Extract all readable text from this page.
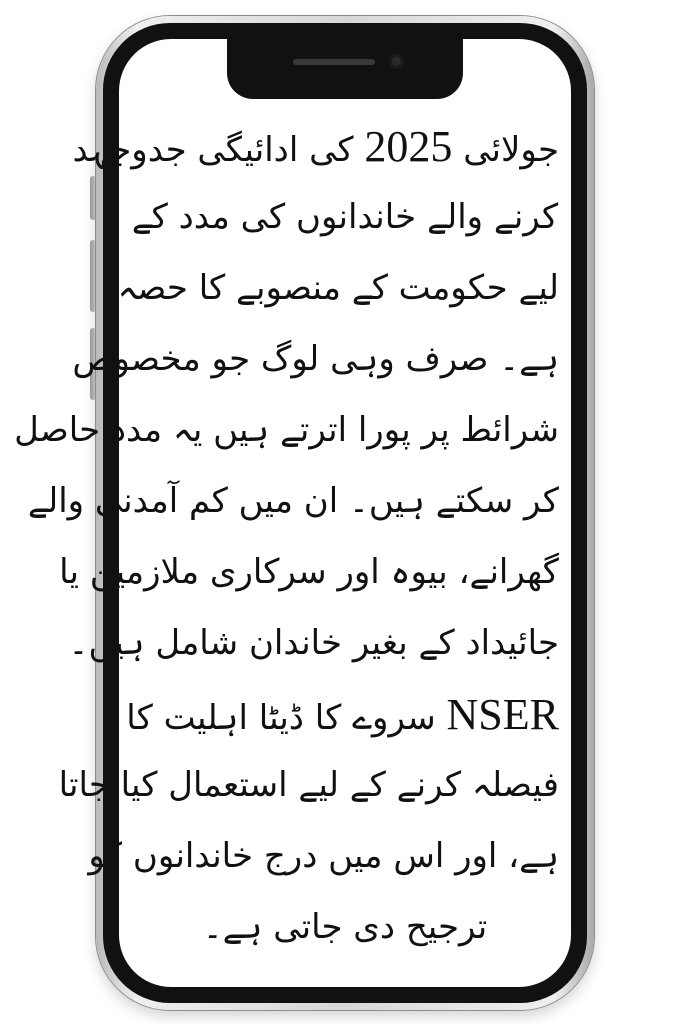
جولائی 2025 کی ادائیگی جدوجہد
کرنے والے خاندانوں کی مدد کے
لیے حکومت کے منصوبے کا حصہ
ہے۔ صرف وہی لوگ جو مخصوص
شرائط پر پورا اترتے ہیں یہ مدد حاصل
کر سکتے ہیں۔ ان میں کم آمدنی والے
گھرانے، بیوہ اور سرکاری ملازمین یا
جائیداد کے بغیر خاندان شامل ہیں۔
NSER سروے کا ڈیٹا اہلیت کا
فیصلہ کرنے کے لیے استعمال کیا جاتا
ہے، اور اس میں درج خاندانوں کو
ترجیح دی جاتی ہے۔
